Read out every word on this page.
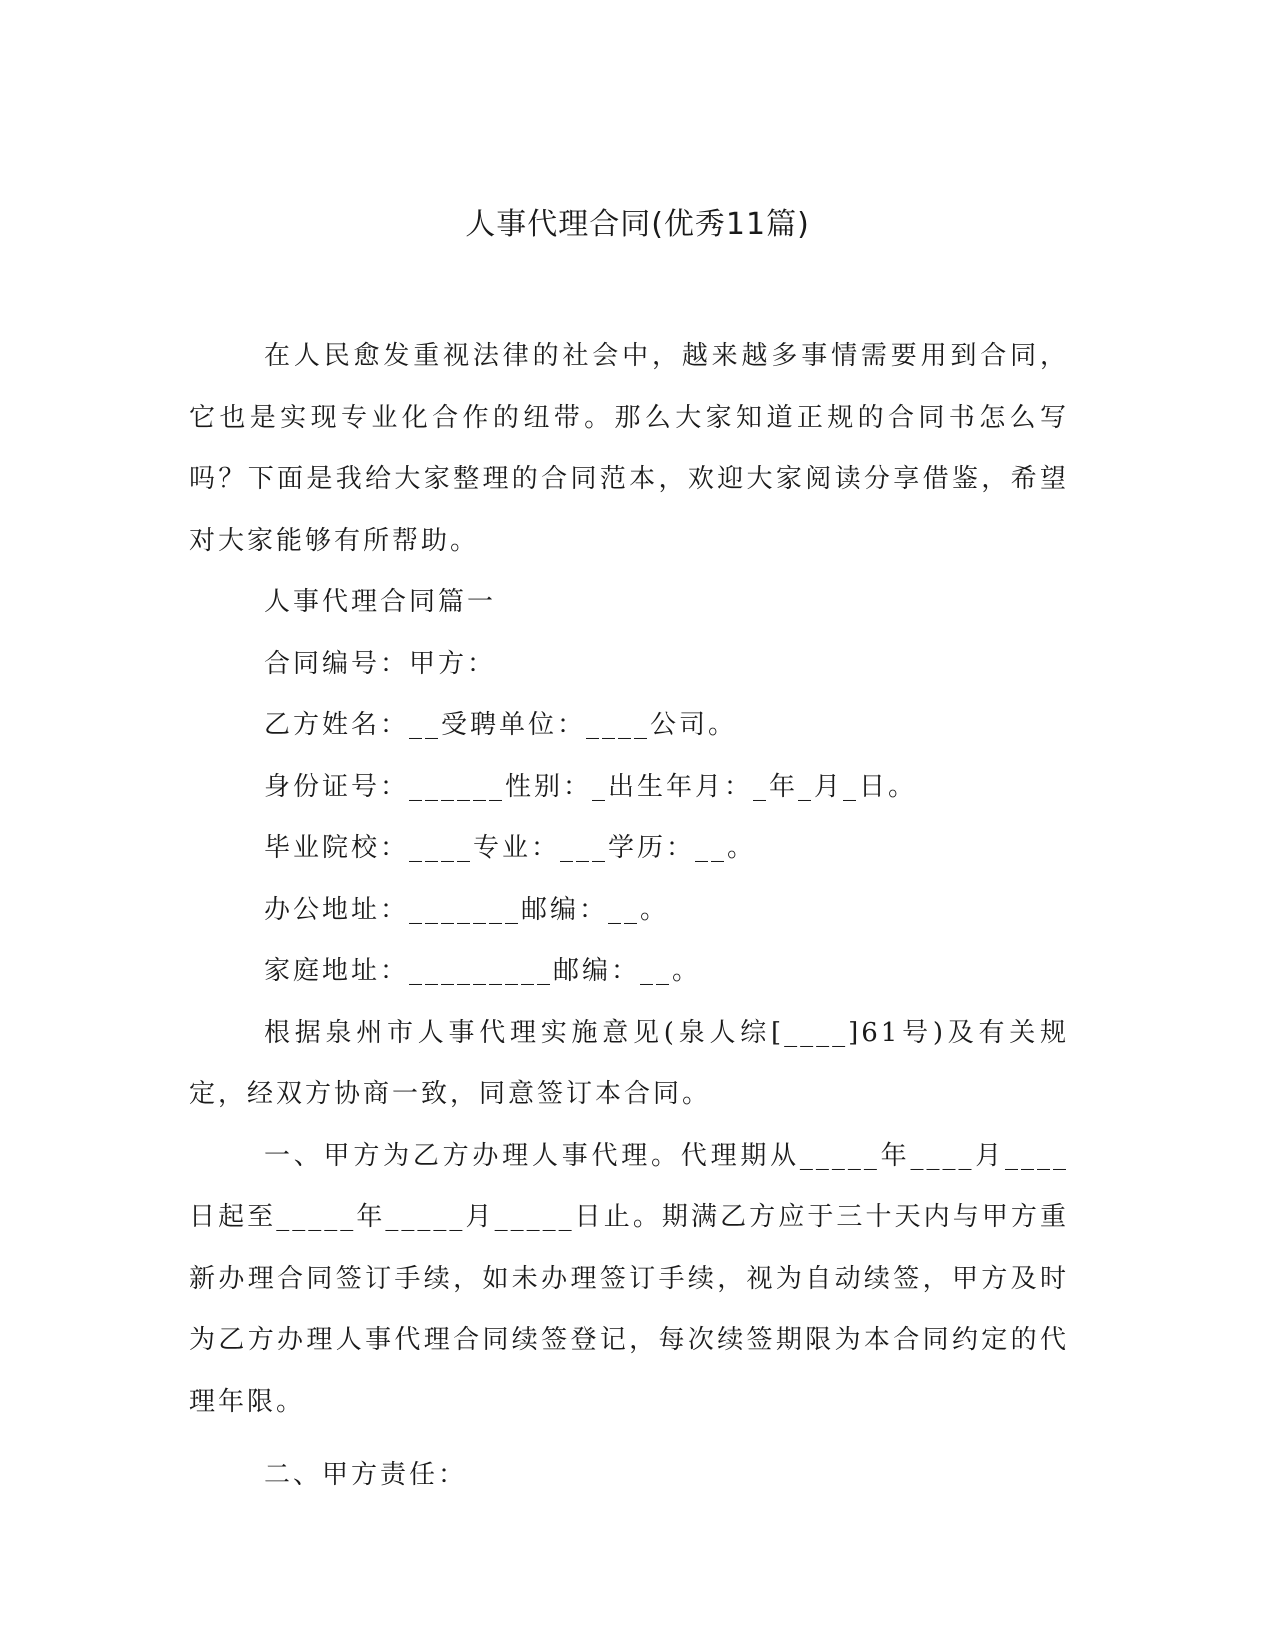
人事代理合同(优秀11篇)

在人民愈发重视法律的社会中，越来越多事情需要用到合同，它也是实现专业化合作的纽带。那么大家知道正规的合同书怎么写吗？下面是我给大家整理的合同范本，欢迎大家阅读分享借鉴，希望对大家能够有所帮助。

人事代理合同篇一

合同编号：甲方：

乙方姓名：__受聘单位：____公司。

身份证号：______性别：_出生年月：_年_月_日。

毕业院校：____专业：___学历：__。

办公地址：_______邮编：__。

家庭地址：_________邮编：__。

根据泉州市人事代理实施意见(泉人综[____]61号)及有关规定，经双方协商一致，同意签订本合同。

一、甲方为乙方办理人事代理。代理期从_____年____月____日起至_____年_____月_____日止。期满乙方应于三十天内与甲方重新办理合同签订手续，如未办理签订手续，视为自动续签，甲方及时为乙方办理人事代理合同续签登记，每次续签期限为本合同约定的代理年限。

二、甲方责任：
